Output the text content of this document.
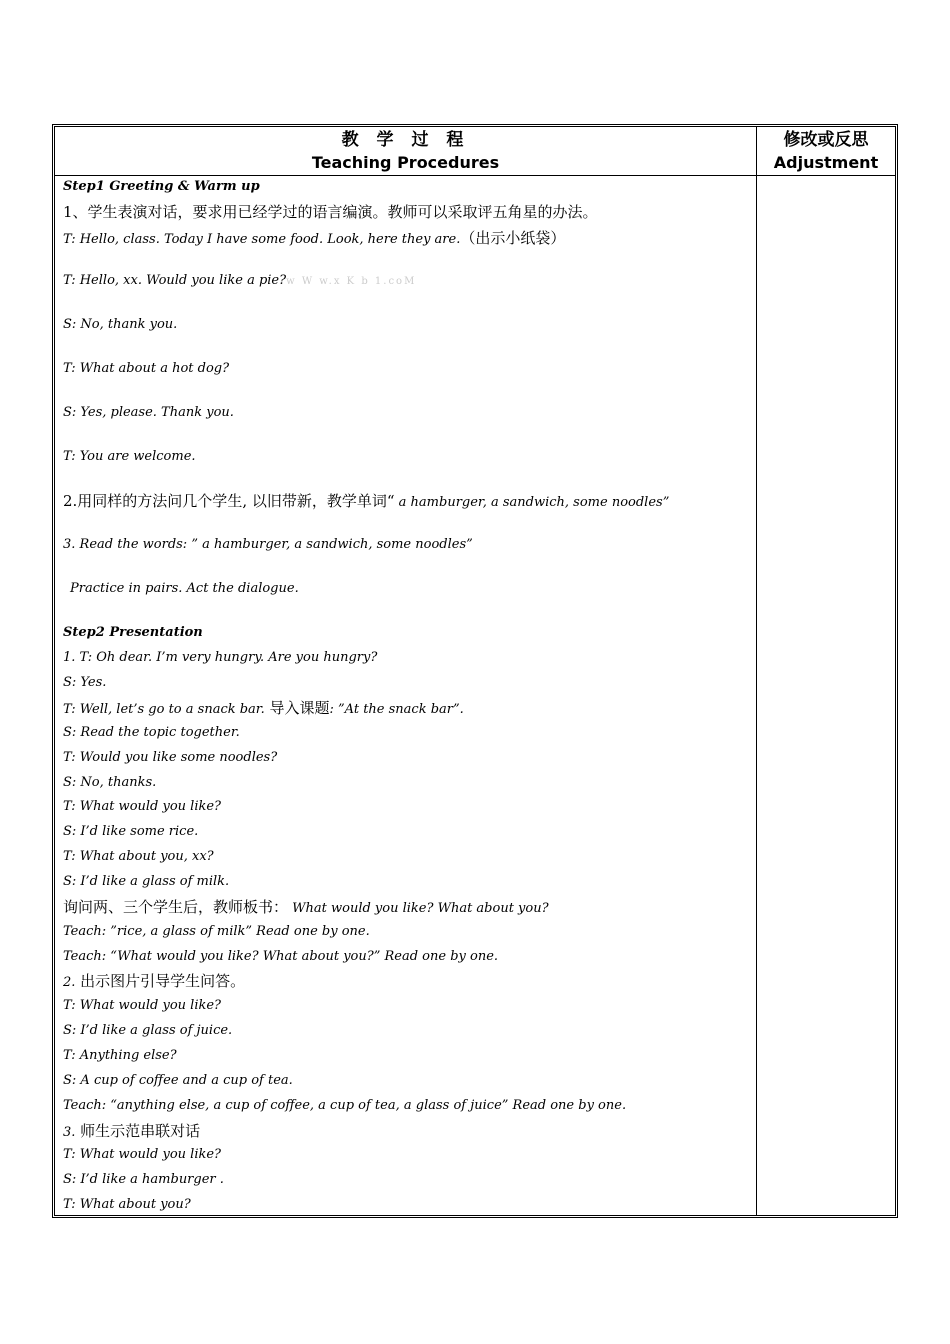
教 学 过 程
Teaching Procedures
修改或反思
Adjustment
Step1 Greeting & Warm up
1、学生表演对话，要求用已经学过的语言编演。教师可以采取评五角星的办法。
T: Hello, class. Today I have some food. Look, here they are.（出示小纸袋）
T: Hello, xx. Would you like a pie?w W w.x K b 1.coM
S: No, thank you.
T: What about a hot dog?
S: Yes, please. Thank you.
T: You are welcome.
2.用同样的方法问几个学生, 以旧带新，教学单词“ a hamburger, a sandwich, some noodles”
3. Read the words: ” a hamburger, a sandwich, some noodles”
Practice in pairs. Act the dialogue.
Step2 Presentation
1. T: Oh dear. I’m very hungry. Are you hungry?
S: Yes.
T: Well, let’s go to a snack bar. 导入课题: ”At the snack bar”.
S: Read the topic together.
T: Would you like some noodles?
S: No, thanks.
T: What would you like?
S: I’d like some rice.
T: What about you, xx?
S: I’d like a glass of milk.
询问两、三个学生后，教师板书： What would you like? What about you?
Teach: ”rice, a glass of milk” Read one by one.
Teach: “What would you like? What about you?” Read one by one.
2. 出示图片引导学生问答。
T: What would you like?
S: I’d like a glass of juice.
T: Anything else?
S: A cup of coffee and a cup of tea.
Teach: “anything else, a cup of coffee, a cup of tea, a glass of juice” Read one by one.
3. 师生示范串联对话
T: What would you like?
S: I’d like a hamburger .
T: What about you?
